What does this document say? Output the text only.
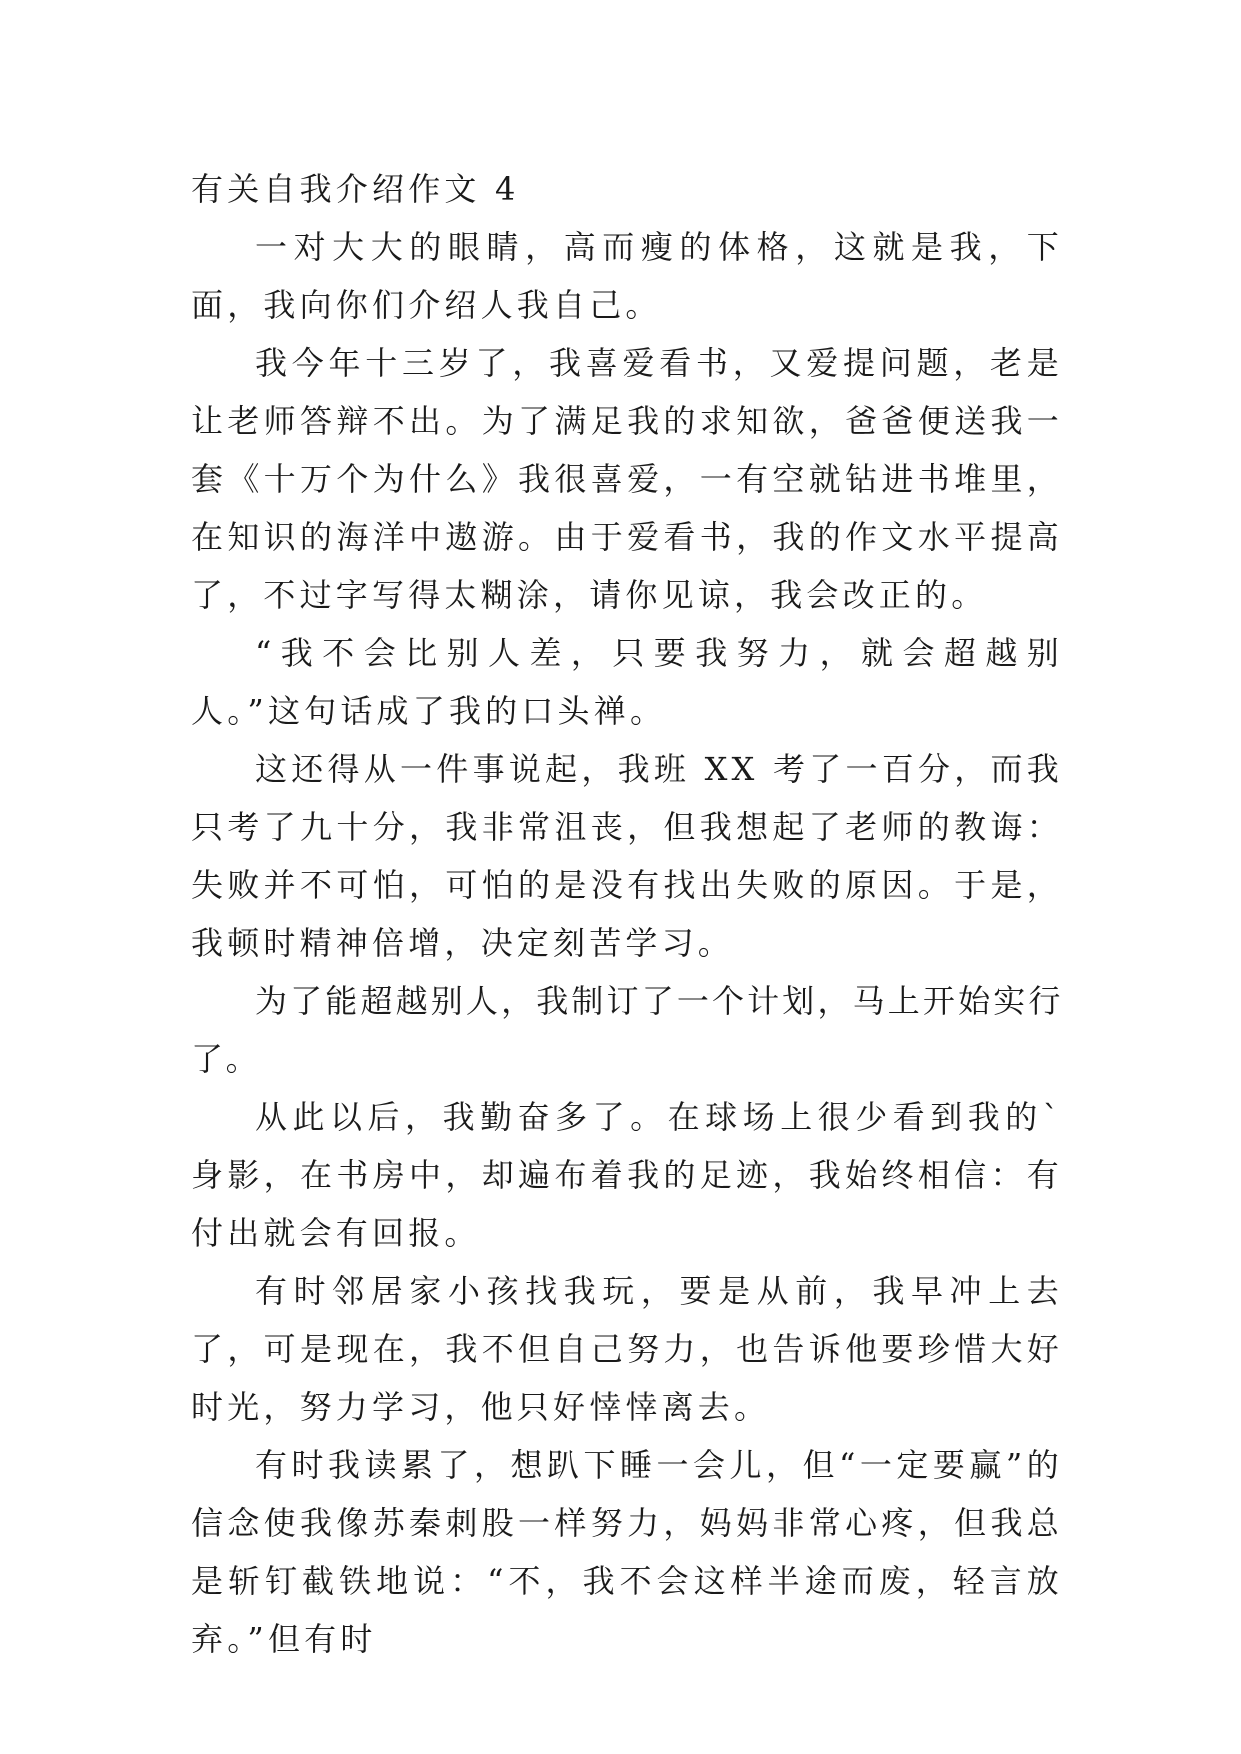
有关自我介绍作文 4

一对大大的眼睛，高而瘦的体格，这就是我，下面，我向你们介绍人我自己。

我今年十三岁了，我喜爱看书，又爱提问题，老是让老师答辩不出。为了满足我的求知欲，爸爸便送我一套《十万个为什么》我很喜爱，一有空就钻进书堆里，在知识的海洋中遨游。由于爱看书，我的作文水平提高了，不过字写得太糊涂，请你见谅，我会改正的。

“我不会比别人差，只要我努力，就会超越别人。”这句话成了我的口头禅。

这还得从一件事说起，我班 XX 考了一百分，而我只考了九十分，我非常沮丧，但我想起了老师的教诲：失败并不可怕，可怕的是没有找出失败的原因。于是，我顿时精神倍增，决定刻苦学习。

为了能超越别人，我制订了一个计划，马上开始实行了。

从此以后，我勤奋多了。在球场上很少看到我的`身影，在书房中，却遍布着我的足迹，我始终相信：有付出就会有回报。

有时邻居家小孩找我玩，要是从前，我早冲上去了，可是现在，我不但自己努力，也告诉他要珍惜大好时光，努力学习，他只好悻悻离去。

有时我读累了，想趴下睡一会儿，但“一定要赢”的信念使我像苏秦刺股一样努力，妈妈非常心疼，但我总是斩钉截铁地说：“不，我不会这样半途而废，轻言放弃。”但有时
